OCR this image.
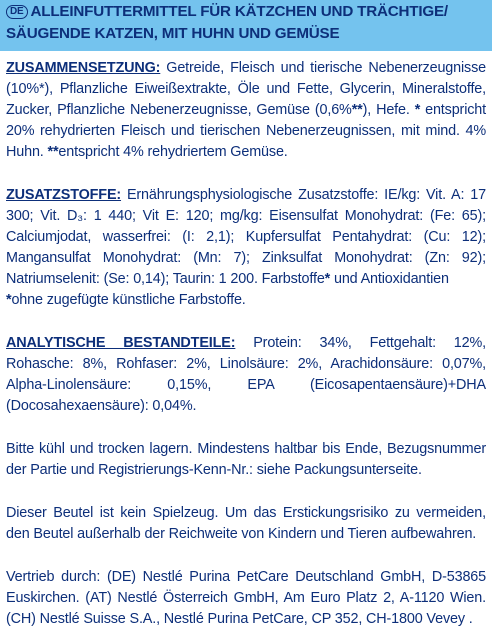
DE ALLEINFUTTERMITTEL FÜR KÄTZCHEN UND TRÄCHTIGE/
SÄUGENDE KATZEN, MIT HUHN UND GEMÜSE

ZUSAMMENSETZUNG: Getreide, Fleisch und tierische Nebenerzeugnisse (10%*), Pflanzliche Eiweißextrakte, Öle und Fette, Glycerin, Mineralstoffe, Zucker, Pflanzliche Nebenerzeugnisse, Gemüse (0,6%**), Hefe. * entspricht 20% rehydrierten Fleisch und tierischen Nebenerzeugnissen, mit mind. 4% Huhn. **entspricht 4% rehydriertem Gemüse.

ZUSATZSTOFFE: Ernährungsphysiologische Zusatzstoffe: IE/kg: Vit. A: 17 300; Vit. D₃: 1 440; Vit E: 120; mg/kg: Eisensulfat Monohydrat: (Fe: 65); Calciumjodat, wasserfrei: (I: 2,1); Kupfersulfat Pentahydrat: (Cu: 12); Mangansulfat Monohydrat: (Mn: 7); Zinksulfat Monohydrat: (Zn: 92); Natriumselenit: (Se: 0,14); Taurin: 1 200. Farbstoffe* und Antioxidantien

*ohne zugefügte künstliche Farbstoffe.

ANALYTISCHE BESTANDTEILE: Protein: 34%, Fettgehalt: 12%, Rohasche: 8%, Rohfaser: 2%, Linolsäure: 2%, Arachidonsäure: 0,07%, Alpha-Linolensäure: 0,15%, EPA (Eicosapentaensäure)+DHA (Docosahexaensäure): 0,04%.

Bitte kühl und trocken lagern. Mindestens haltbar bis Ende, Bezugsnummer der Partie und Registrierungs-Kenn-Nr.: siehe Packungsunterseite.

Dieser Beutel ist kein Spielzeug. Um das Erstickungsrisiko zu vermeiden, den Beutel außerhalb der Reichweite von Kindern und Tieren aufbewahren.

Vertrieb durch: (DE) Nestlé Purina PetCare Deutschland GmbH, D-53865 Euskirchen. (AT) Nestlé Österreich GmbH, Am Euro Platz 2, A-1120 Wien. (CH) Nestlé Suisse S.A., Nestlé Purina PetCare, CP 352, CH-1800 Vevey .
